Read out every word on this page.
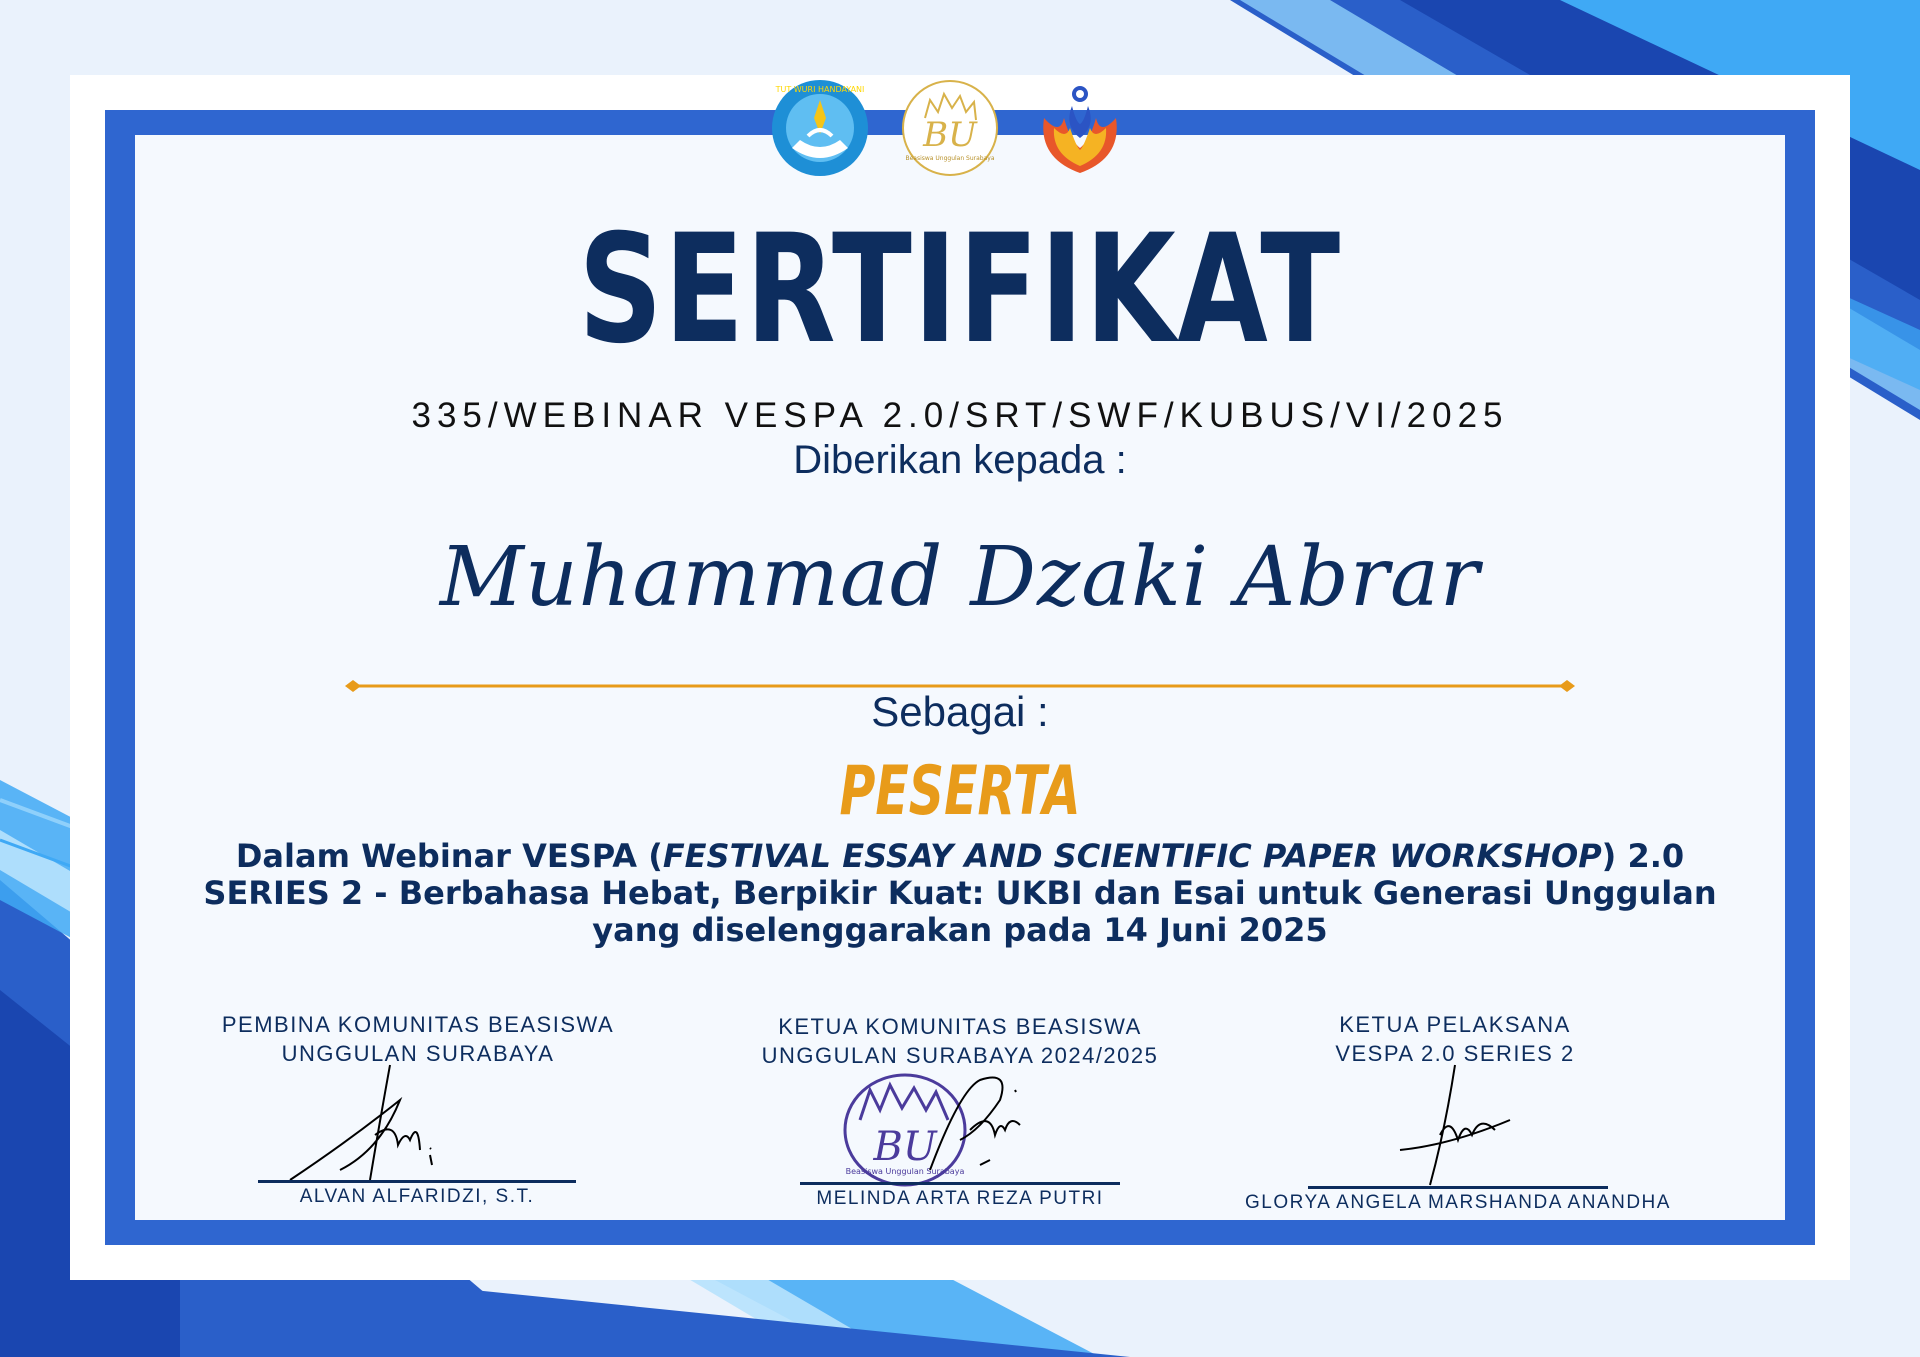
TUT WURI HANDAYANI
BU
Beasiswa Unggulan Surabaya
SERTIFIKAT
335/WEBINAR VESPA 2.0/SRT/SWF/KUBUS/VI/2025
Diberikan kepada :
Muhammad Dzaki Abrar
Sebagai :
PESERTA
Dalam Webinar VESPA (FESTIVAL ESSAY AND SCIENTIFIC PAPER WORKSHOP) 2.0
SERIES 2 - Berbahasa Hebat, Berpikir Kuat: UKBI dan Esai untuk Generasi Unggulan
yang diselenggarakan pada 14 Juni 2025
PEMBINA KOMUNITAS BEASISWA
UNGGULAN SURABAYA
ALVAN ALFARIDZI, S.T.
KETUA KOMUNITAS BEASISWA
UNGGULAN SURABAYA 2024/2025
BU
Beasiswa Unggulan Surabaya
MELINDA ARTA REZA PUTRI
KETUA PELAKSANA
VESPA 2.0 SERIES 2
GLORYA ANGELA MARSHANDA ANANDHA
